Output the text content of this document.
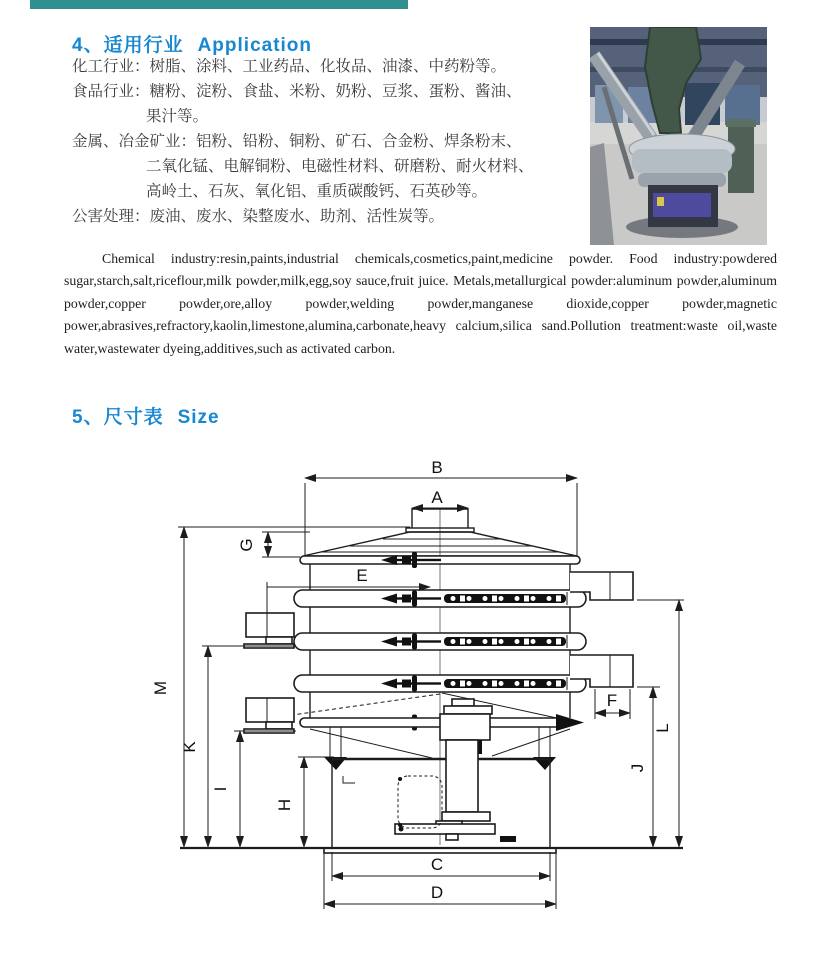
4、适用行业 Application
化工行业：树脂、涂料、工业药品、化妆品、油漆、中药粉等。
食品行业：糖粉、淀粉、食盐、米粉、奶粉、豆浆、蛋粉、酱油、
果汁等。
金属、冶金矿业：铝粉、铅粉、铜粉、矿石、合金粉、焊条粉末、
二氧化锰、电解铜粉、电磁性材料、研磨粉、耐火材料、
高岭土、石灰、氧化铝、重质碳酸钙、石英砂等。
公害处理：废油、废水、染整废水、助剂、活性炭等。

Chemical industry:resin,paints,industrial chemicals,cosmetics,paint,medicine powder. Food industry:powdered sugar,starch,salt,riceflour,milk powder,milk,egg,soy sauce,fruit juice. Metals,metallurgical powder:aluminum powder,aluminum powder,copper powder,ore,alloy powder,welding powder,manganese dioxide,copper powder,magnetic power,abrasives,refractory,kaolin,limestone,alumina,carbonate,heavy calcium,silica sand.Pollution treatment:waste oil,waste water,wastewater dyeing,additives,such as activated carbon.

5、尺寸表 Size
B
A
G
E
M
K
I
H
F
L
J
C
D
